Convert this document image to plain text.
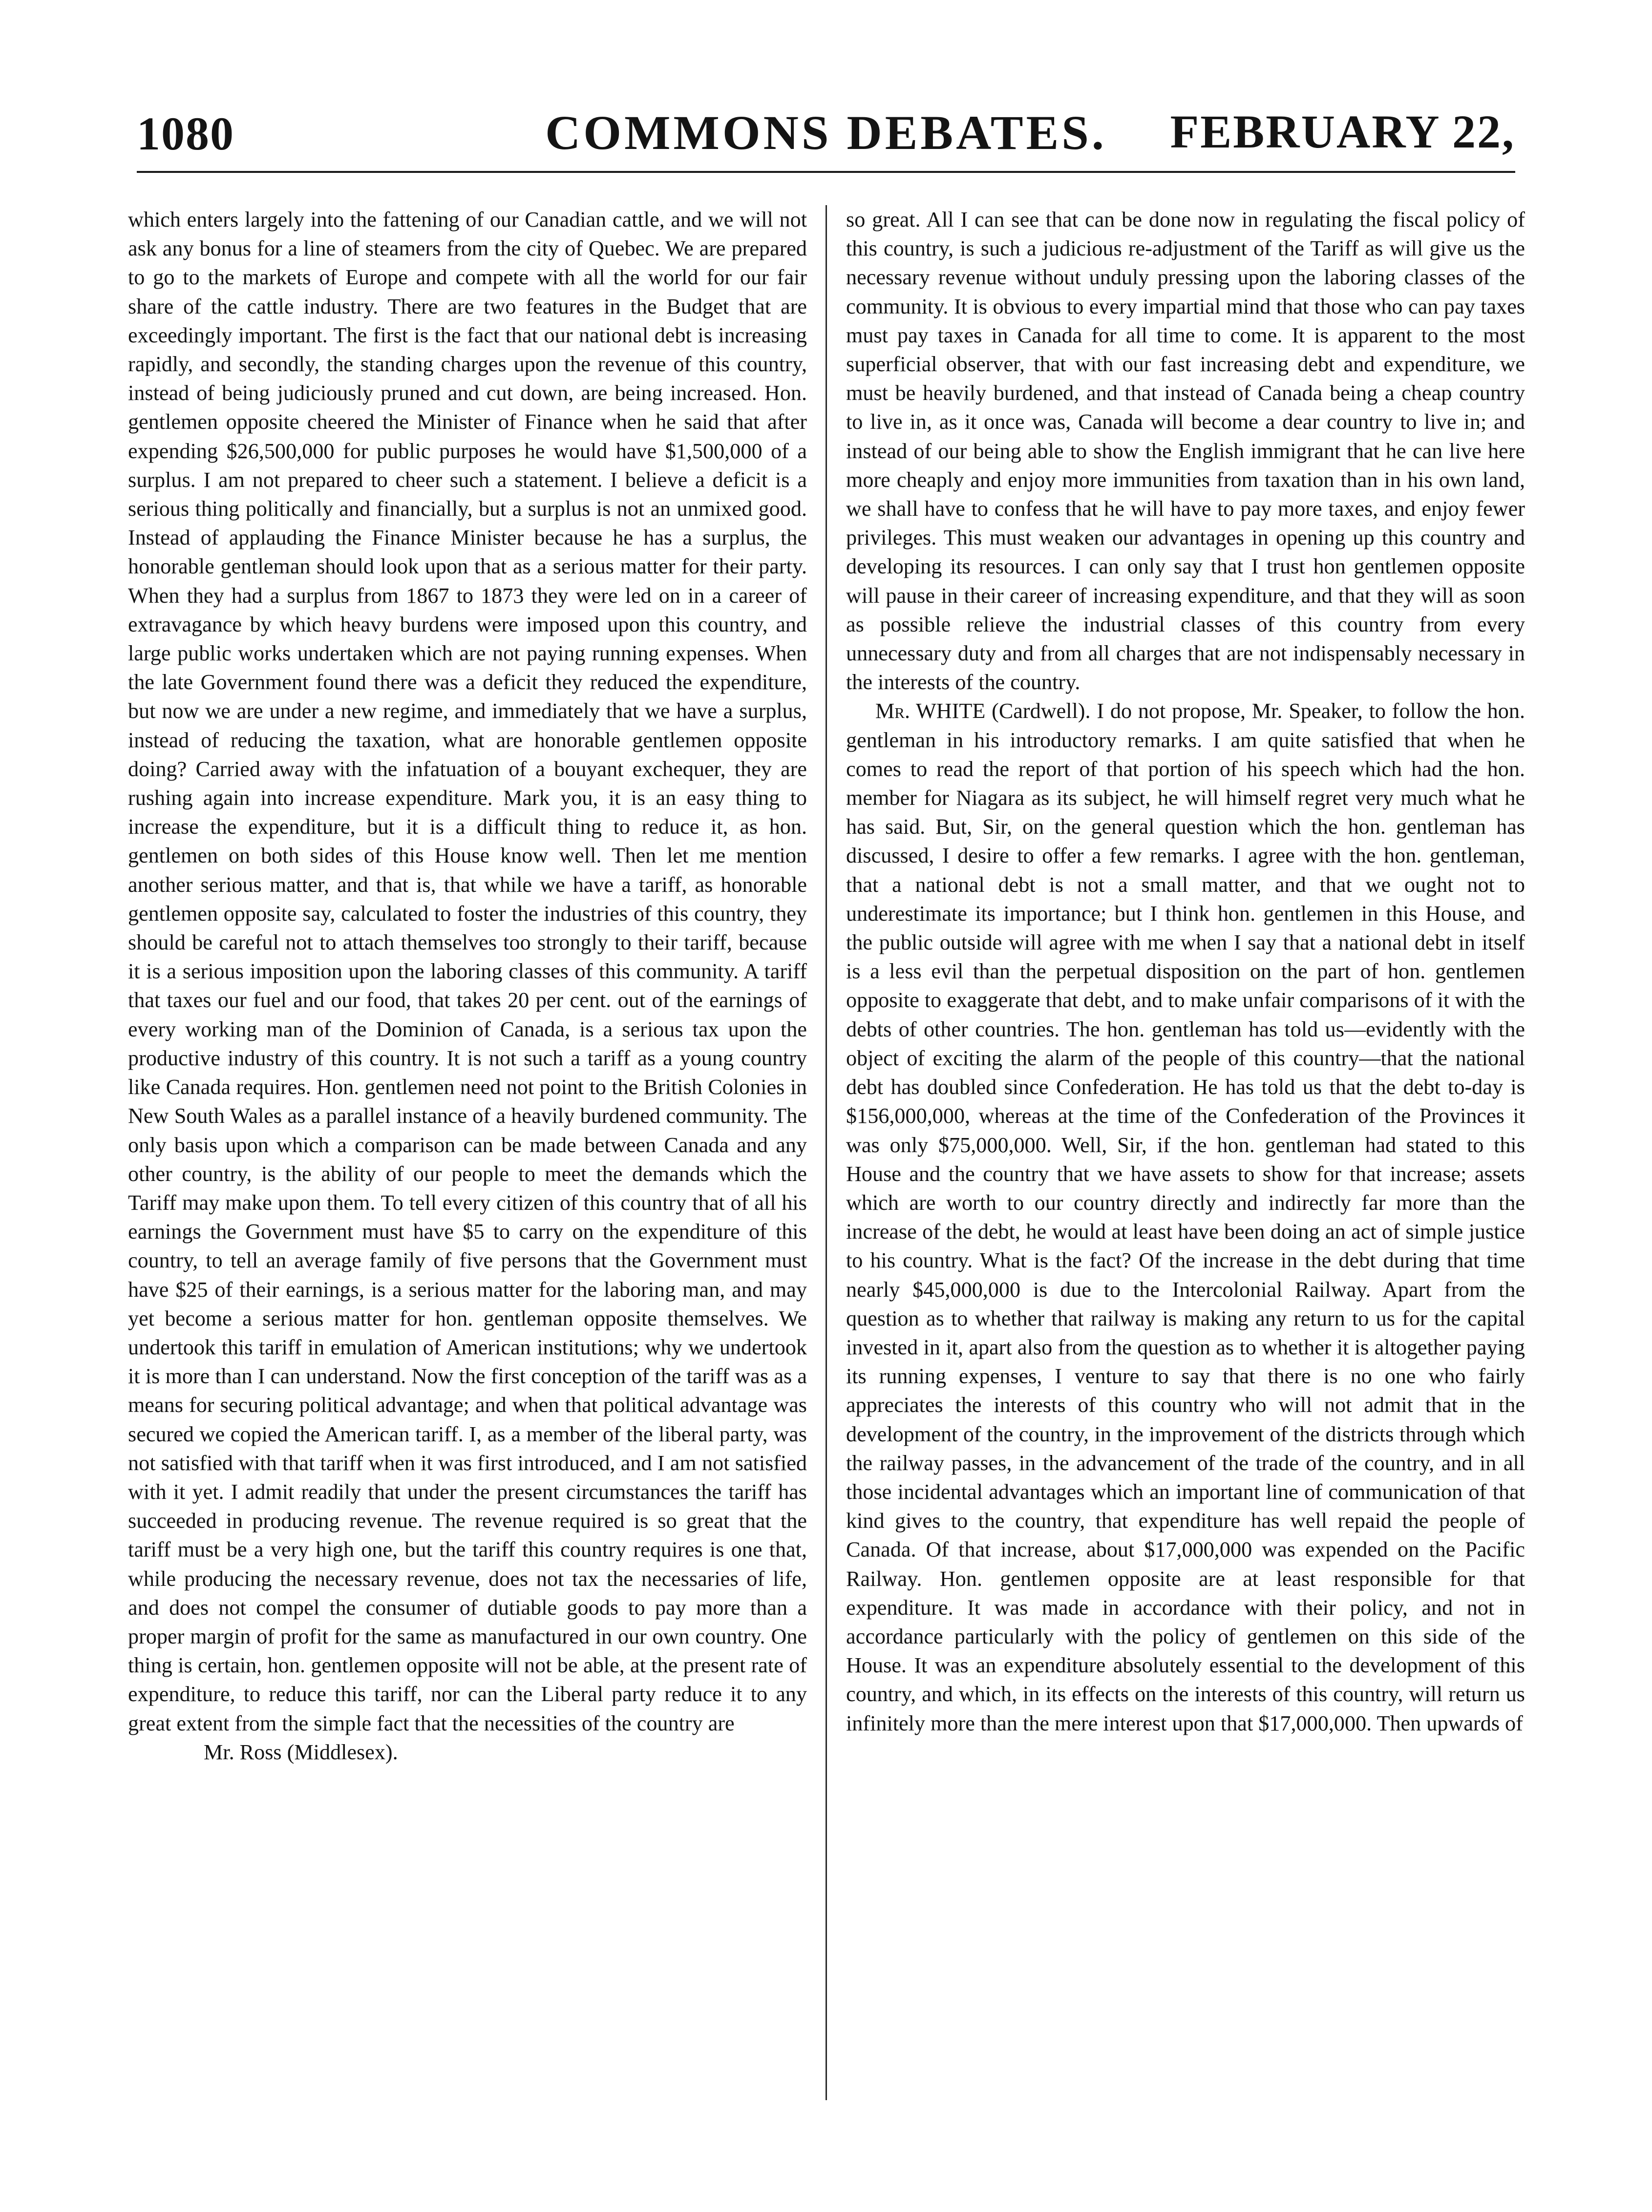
1080	COMMONS DEBATES.	FEBRUARY 22,

which enters largely into the fattening of our Canadian cattle, and we will not ask any bonus for a line of steamers from the city of Quebec. We are prepared to go to the markets of Europe and compete with all the world for our fair share of the cattle industry. There are two features in the Budget that are exceedingly important. The first is the fact that our national debt is increasing rapidly, and secondly, the standing charges upon the revenue of this country, instead of being judiciously pruned and cut down, are being increased. Hon. gentlemen opposite cheered the Minister of Finance when he said that after expending $26,500,000 for public purposes he would have $1,500,000 of a surplus. I am not prepared to cheer such a statement. I believe a deficit is a serious thing politically and financially, but a surplus is not an unmixed good. Instead of applauding the Finance Minister because he has a surplus, the honorable gentleman should look upon that as a serious matter for their party. When they had a surplus from 1867 to 1873 they were led on in a career of extravagance by which heavy burdens were imposed upon this country, and large public works undertaken which are not paying running expenses. When the late Government found there was a deficit they reduced the expenditure, but now we are under a new regime, and immediately that we have a surplus, instead of reducing the taxation, what are honorable gentlemen opposite doing? Carried away with the infatuation of a bouyant exchequer, they are rushing again into increase expenditure. Mark you, it is an easy thing to increase the expenditure, but it is a difficult thing to reduce it, as hon. gentlemen on both sides of this House know well. Then let me mention another serious matter, and that is, that while we have a tariff, as honorable gentlemen opposite say, calculated to foster the industries of this country, they should be careful not to attach themselves too strongly to their tariff, because it is a serious imposition upon the laboring classes of this community. A tariff that taxes our fuel and our food, that takes 20 per cent. out of the earnings of every working man of the Dominion of Canada, is a serious tax upon the productive industry of this country. It is not such a tariff as a young country like Canada requires. Hon. gentlemen need not point to the British Colonies in New South Wales as a parallel instance of a heavily burdened community. The only basis upon which a comparison can be made between Canada and any other country, is the ability of our people to meet the demands which the Tariff may make upon them. To tell every citizen of this country that of all his earnings the Government must have $5 to carry on the expenditure of this country, to tell an average family of five persons that the Government must have $25 of their earnings, is a serious matter for the laboring man, and may yet become a serious matter for hon. gentleman opposite themselves. We undertook this tariff in emulation of American institutions; why we undertook it is more than I can understand. Now the first conception of the tariff was as a means for securing political advantage; and when that political advantage was secured we copied the American tariff. I, as a member of the liberal party, was not satisfied with that tariff when it was first introduced, and I am not satisfied with it yet. I admit readily that under the present circumstances the tariff has succeeded in producing revenue. The revenue required is so great that the tariff must be a very high one, but the tariff this country requires is one that, while producing the necessary revenue, does not tax the necessaries of life, and does not compel the consumer of dutiable goods to pay more than a proper margin of profit for the same as manufactured in our own country. One thing is certain, hon. gentlemen opposite will not be able, at the present rate of expenditure, to reduce this tariff, nor can the Liberal party reduce it to any great extent from the simple fact that the necessities of the country are

Mr. Ross (Middlesex).

so great. All I can see that can be done now in regulating the fiscal policy of this country, is such a judicious re-adjustment of the Tariff as will give us the necessary revenue without unduly pressing upon the laboring classes of the community. It is obvious to every impartial mind that those who can pay taxes must pay taxes in Canada for all time to come. It is apparent to the most superficial observer, that with our fast increasing debt and expenditure, we must be heavily burdened, and that instead of Canada being a cheap country to live in, as it once was, Canada will become a dear country to live in; and instead of our being able to show the English immigrant that he can live here more cheaply and enjoy more immunities from taxation than in his own land, we shall have to confess that he will have to pay more taxes, and enjoy fewer privileges. This must weaken our advantages in opening up this country and developing its resources. I can only say that I trust hon gentlemen opposite will pause in their career of increasing expenditure, and that they will as soon as possible relieve the industrial classes of this country from every unnecessary duty and from all charges that are not indispensably necessary in the interests of the country.

Mr. WHITE (Cardwell). I do not propose, Mr. Speaker, to follow the hon. gentleman in his introductory remarks. I am quite satisfied that when he comes to read the report of that portion of his speech which had the hon. member for Niagara as its subject, he will himself regret very much what he has said. But, Sir, on the general question which the hon. gentleman has discussed, I desire to offer a few remarks. I agree with the hon. gentleman, that a national debt is not a small matter, and that we ought not to underestimate its importance; but I think hon. gentlemen in this House, and the public outside will agree with me when I say that a national debt in itself is a less evil than the perpetual disposition on the part of hon. gentlemen opposite to exaggerate that debt, and to make unfair comparisons of it with the debts of other countries. The hon. gentleman has told us—evidently with the object of exciting the alarm of the people of this country—that the national debt has doubled since Confederation. He has told us that the debt to-day is $156,000,000, whereas at the time of the Confederation of the Provinces it was only $75,000,000. Well, Sir, if the hon. gentleman had stated to this House and the country that we have assets to show for that increase; assets which are worth to our country directly and indirectly far more than the increase of the debt, he would at least have been doing an act of simple justice to his country. What is the fact? Of the increase in the debt during that time nearly $45,000,000 is due to the Intercolonial Railway. Apart from the question as to whether that railway is making any return to us for the capital invested in it, apart also from the question as to whether it is altogether paying its running expenses, I venture to say that there is no one who fairly appreciates the interests of this country who will not admit that in the development of the country, in the improvement of the districts through which the railway passes, in the advancement of the trade of the country, and in all those incidental advantages which an important line of communication of that kind gives to the country, that expenditure has well repaid the people of Canada. Of that increase, about $17,000,000 was expended on the Pacific Railway. Hon. gentlemen opposite are at least responsible for that expenditure. It was made in accordance with their policy, and not in accordance particularly with the policy of gentlemen on this side of the House. It was an expenditure absolutely essential to the development of this country, and which, in its effects on the interests of this country, will return us infinitely more than the mere interest upon that $17,000,000. Then upwards of
